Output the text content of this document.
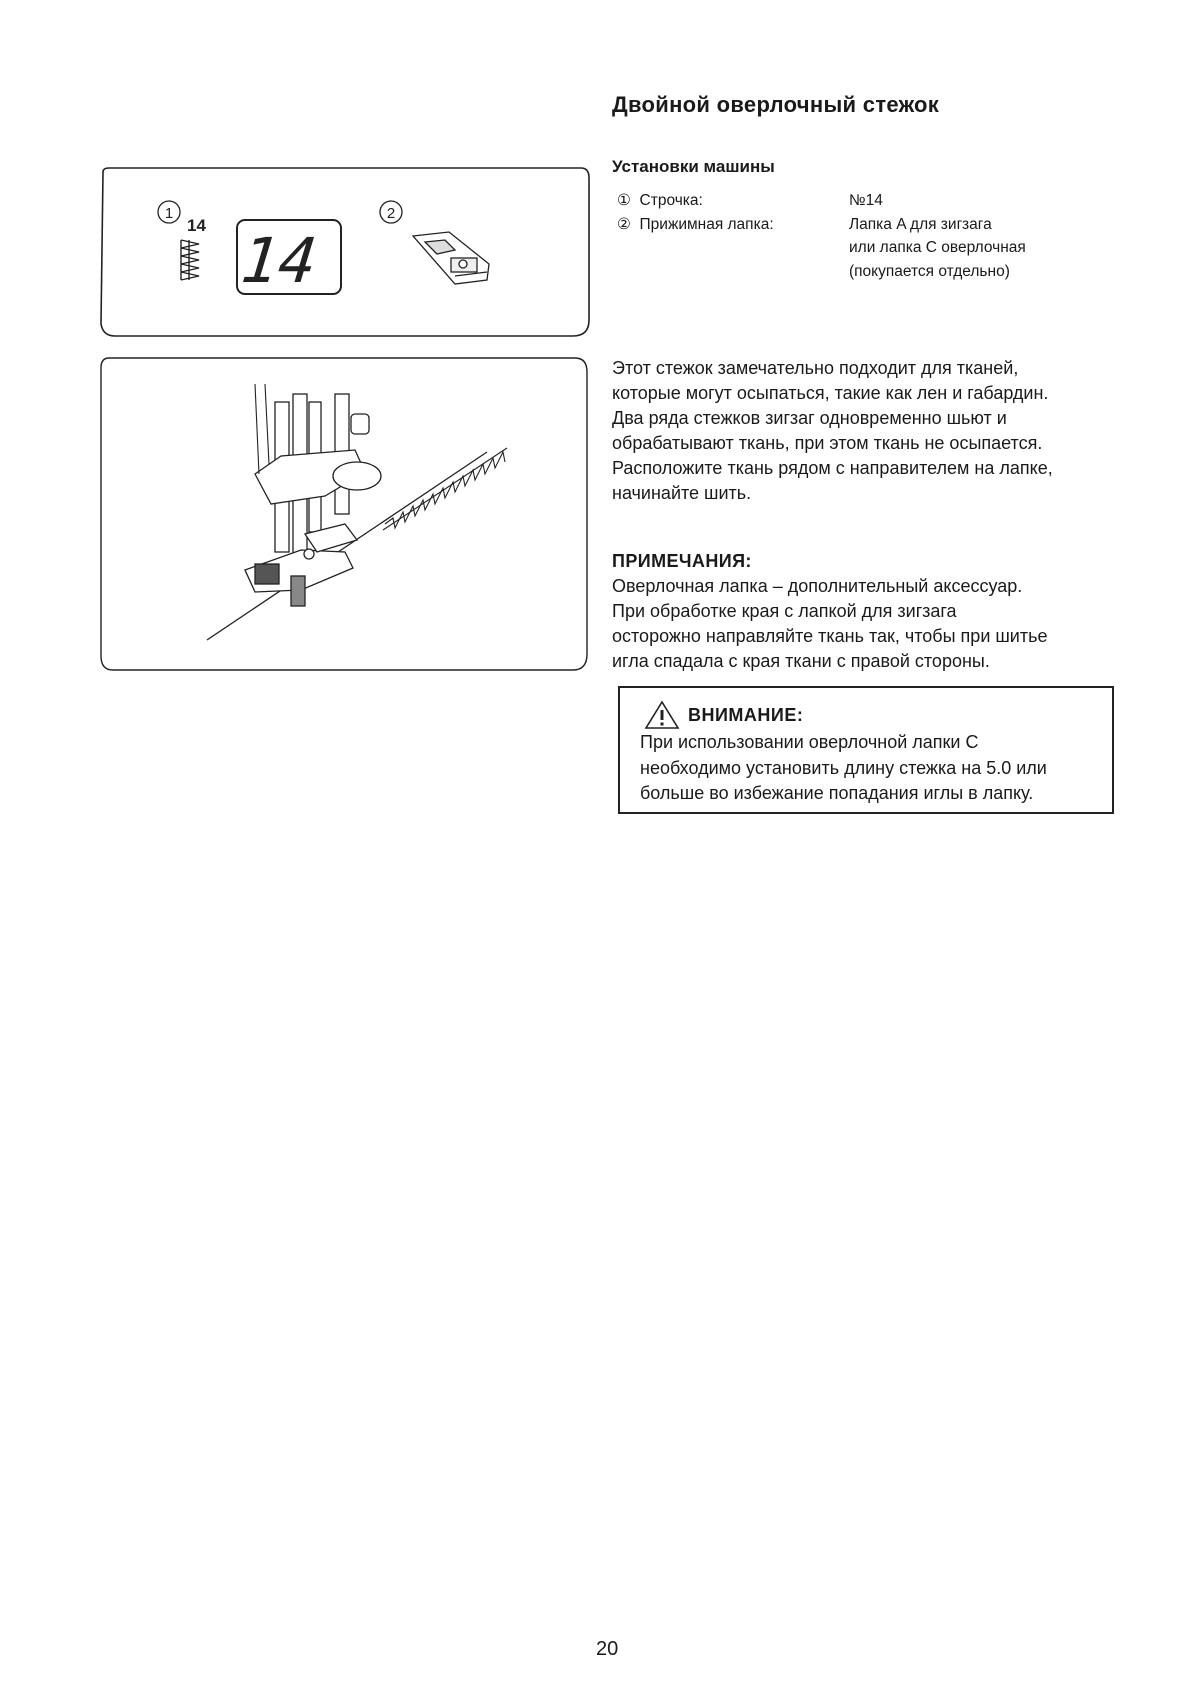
1
14 14
2
Двойной оверлочный стежок
Установки машины
① Строчка:	№14
② Прижимная лапка:	Лапка A для зигзага
или лапка С оверлочная
(покупается отдельно)
Этот стежок замечательно подходит для тканей,
которые могут осыпаться, такие как лен и габардин.
Два ряда стежков зигзаг одновременно шьют и
обрабатывают ткань, при этом ткань не осыпается.
Расположите ткань рядом с направителем на лапке,
начинайте шить.
ПРИМЕЧАНИЯ:
Оверлочная лапка – дополнительный аксессуар.
При обработке края с лапкой для зигзага
осторожно направляйте ткань так, чтобы при шитье
игла спадала с края ткани с правой стороны.
ВНИМАНИЕ:
При использовании оверлочной лапки С
необходимо установить длину стежка на 5.0 или
больше во избежание попадания иглы в лапку.
20
